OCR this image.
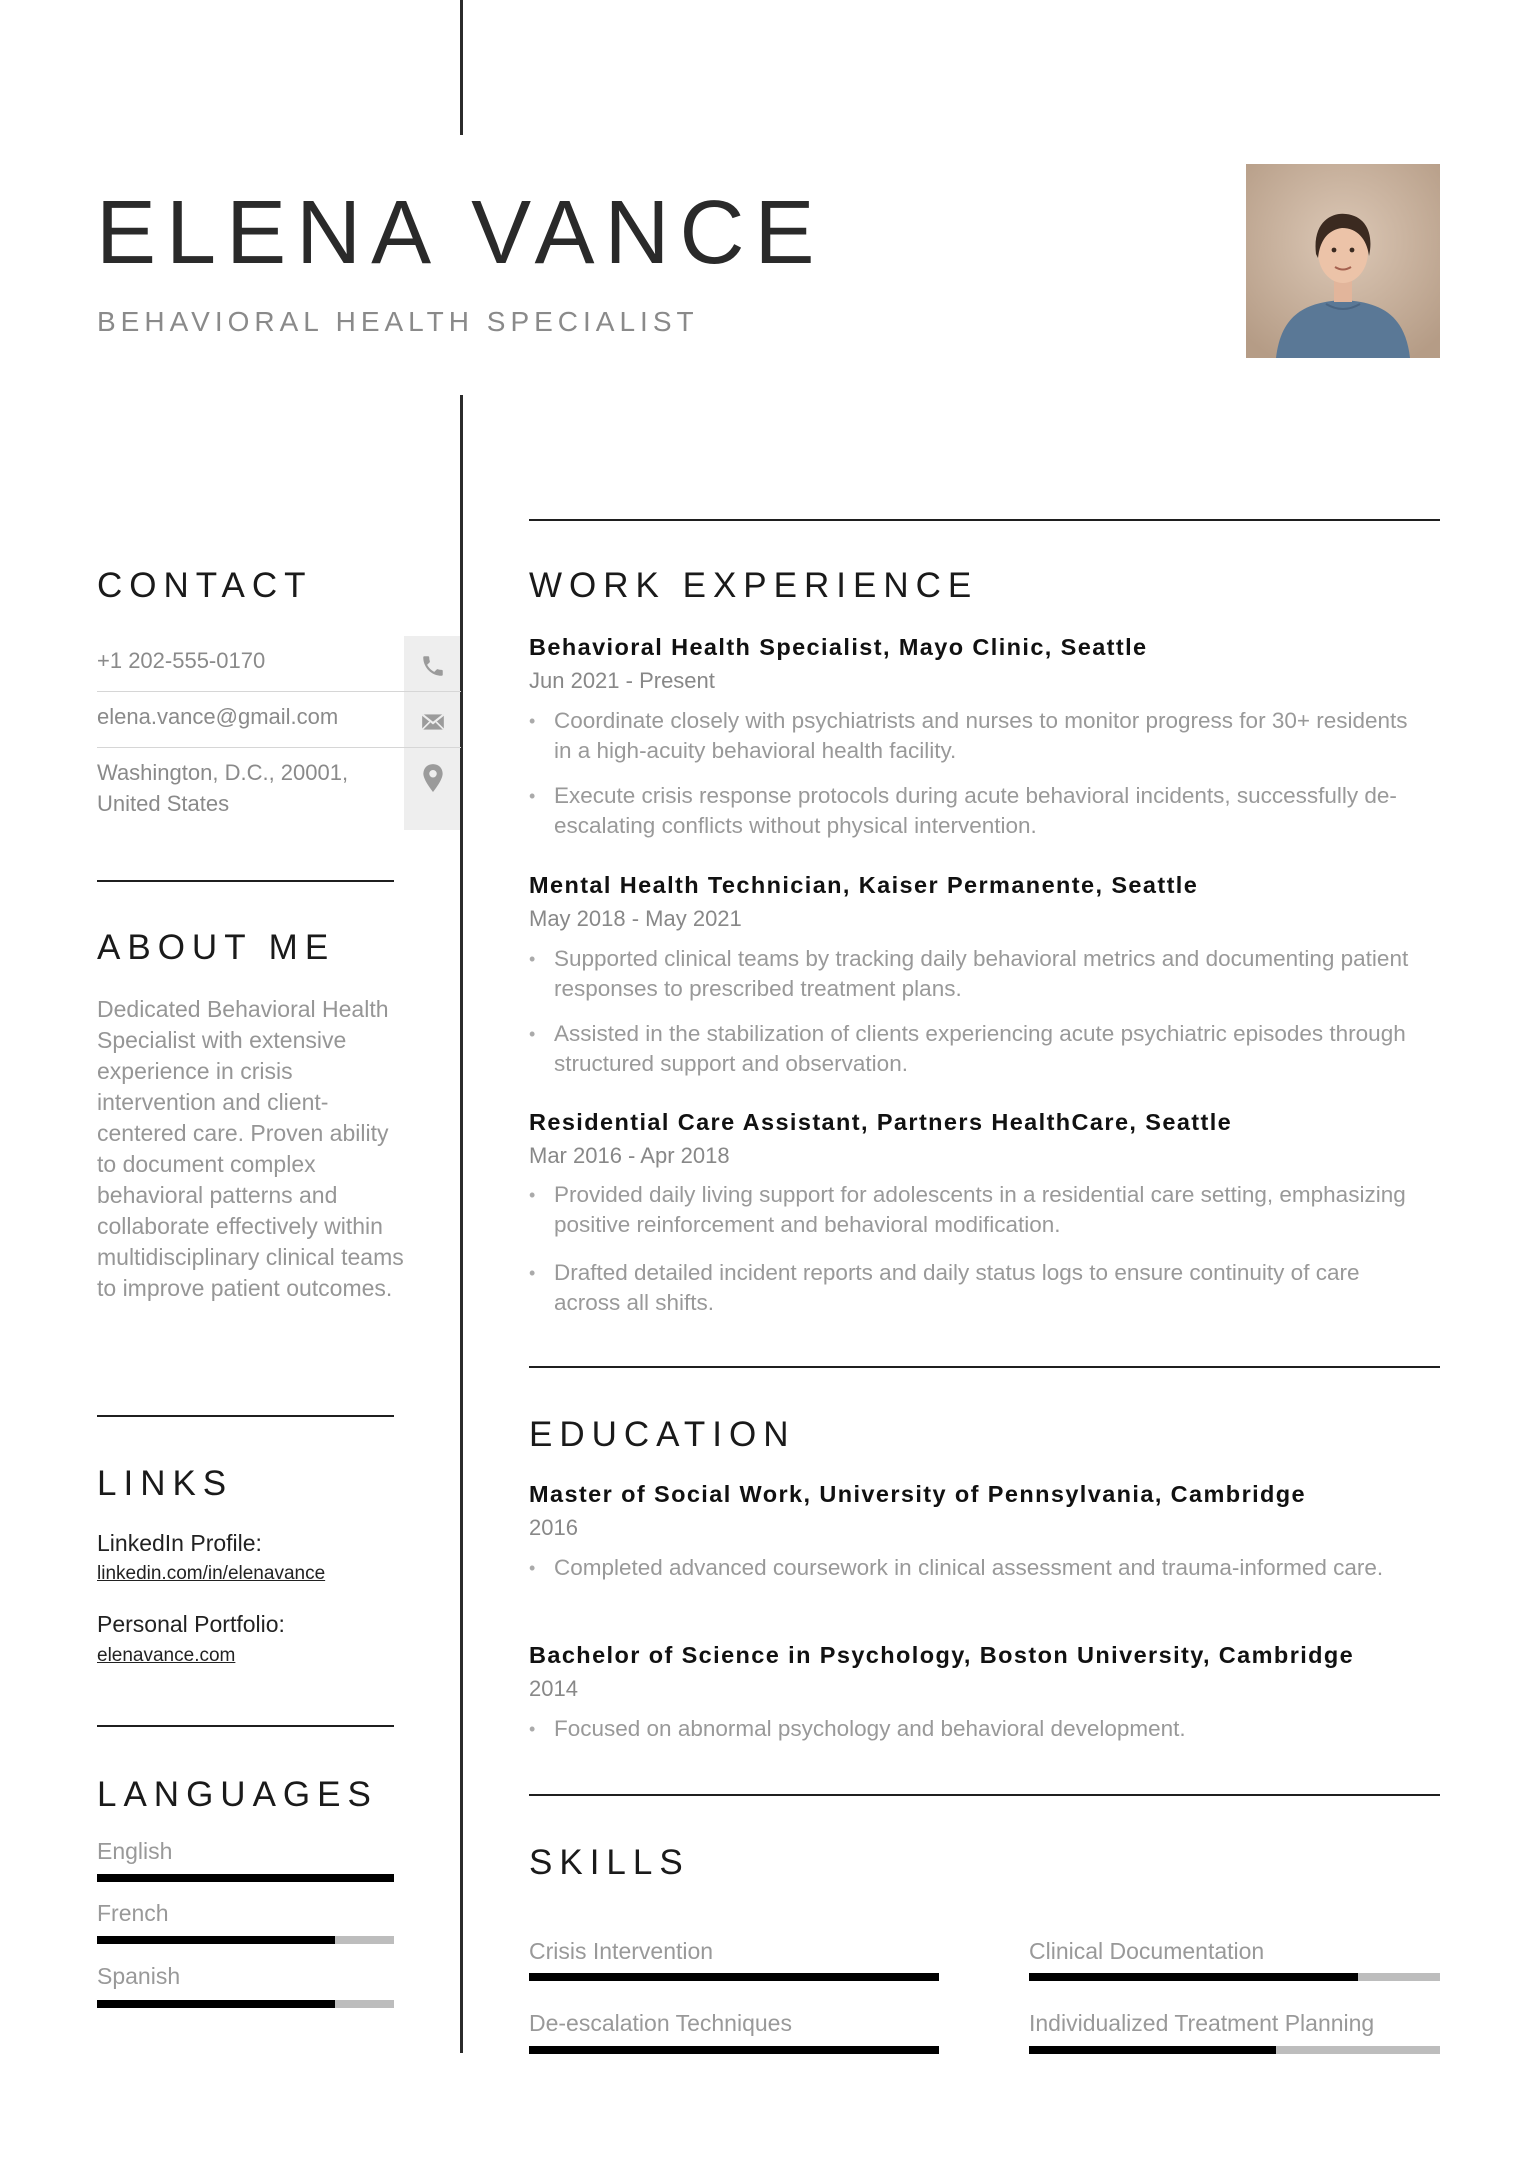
ELENA VANCE
BEHAVIORAL HEALTH SPECIALIST
CONTACT
+1 202-555-0170
elena.vance@gmail.com
Washington, D.C., 20001,
United States
ABOUT ME
Dedicated Behavioral Health Specialist with extensive experience in crisis intervention and client-centered care. Proven ability to document complex behavioral patterns and collaborate effectively within multidisciplinary clinical teams to improve patient outcomes.
LINKS
LinkedIn Profile:
linkedin.com/in/elenavance
Personal Portfolio:
elenavance.com
LANGUAGES
English
French
Spanish
WORK EXPERIENCE
Behavioral Health Specialist, Mayo Clinic, Seattle
Jun 2021 - Present
• Coordinate closely with psychiatrists and nurses to monitor progress for 30+ residents in a high-acuity behavioral health facility.
• Execute crisis response protocols during acute behavioral incidents, successfully de-escalating conflicts without physical intervention.
Mental Health Technician, Kaiser Permanente, Seattle
May 2018 - May 2021
• Supported clinical teams by tracking daily behavioral metrics and documenting patient responses to prescribed treatment plans.
• Assisted in the stabilization of clients experiencing acute psychiatric episodes through structured support and observation.
Residential Care Assistant, Partners HealthCare, Seattle
Mar 2016 - Apr 2018
• Provided daily living support for adolescents in a residential care setting, emphasizing positive reinforcement and behavioral modification.
• Drafted detailed incident reports and daily status logs to ensure continuity of care across all shifts.
EDUCATION
Master of Social Work, University of Pennsylvania, Cambridge
2016
• Completed advanced coursework in clinical assessment and trauma-informed care.
Bachelor of Science in Psychology, Boston University, Cambridge
2014
• Focused on abnormal psychology and behavioral development.
SKILLS
Crisis Intervention	Clinical Documentation
De-escalation Techniques	Individualized Treatment Planning
